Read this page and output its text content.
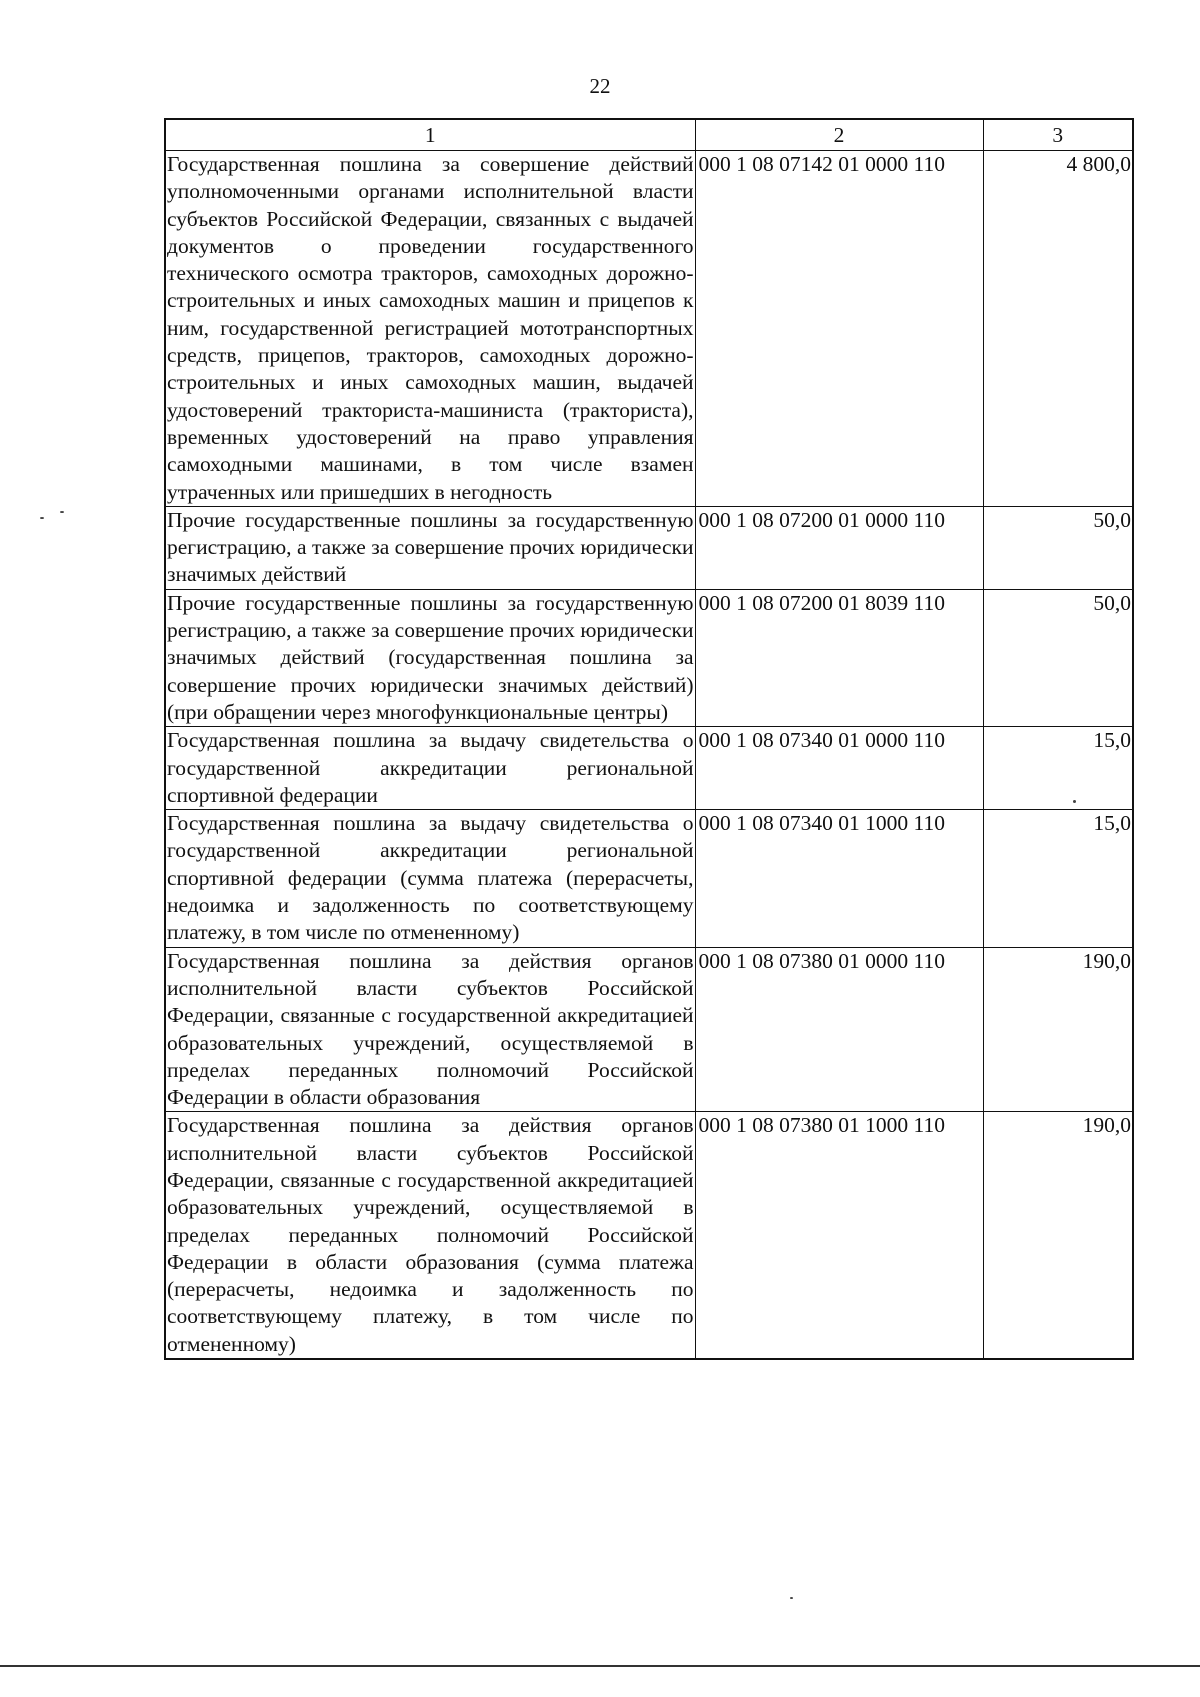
22
1	2	3
Государственная пошлина за совершение действий уполномоченными органами исполнительной власти субъектов Российской Федерации, связанных с выдачей документов о проведении государственного технического осмотра тракторов, самоходных дорожно-строительных и иных самоходных машин и прицепов к ним, государственной регистрацией мототранспортных средств, прицепов, тракторов, самоходных дорожно-строительных и иных самоходных машин, выдачей удостоверений тракториста-машиниста (тракториста), временных удостоверений на право управления самоходными машинами, в том числе взамен утраченных или пришедших в негодность	000 1 08 07142 01 0000 110	4 800,0
Прочие государственные пошлины за государственную регистрацию, а также за совершение прочих юридически значимых действий	000 1 08 07200 01 0000 110	50,0
Прочие государственные пошлины за государственную регистрацию, а также за совершение прочих юридически значимых действий (государственная пошлина за совершение прочих юридически значимых действий) (при обращении через многофункциональные центры)	000 1 08 07200 01 8039 110	50,0
Государственная пошлина за выдачу свидетельства о государственной аккредитации региональной спортивной федерации	000 1 08 07340 01 0000 110	15,0
Государственная пошлина за выдачу свидетельства о государственной аккредитации региональной спортивной федерации (сумма платежа (перерасчеты, недоимка и задолженность по соответствующему платежу, в том числе по отмененному)	000 1 08 07340 01 1000 110	15,0
Государственная пошлина за действия органов исполнительной власти субъектов Российской Федерации, связанные с государственной аккредитацией образовательных учреждений, осуществляемой в пределах переданных полномочий Российской Федерации в области образования	000 1 08 07380 01 0000 110	190,0
Государственная пошлина за действия органов исполнительной власти субъектов Российской Федерации, связанные с государственной аккредитацией образовательных учреждений, осуществляемой в пределах переданных полномочий Российской Федерации в области образования (сумма платежа (перерасчеты, недоимка и задолженность по соответствующему платежу, в том числе по отмененному)	000 1 08 07380 01 1000 110	190,0
